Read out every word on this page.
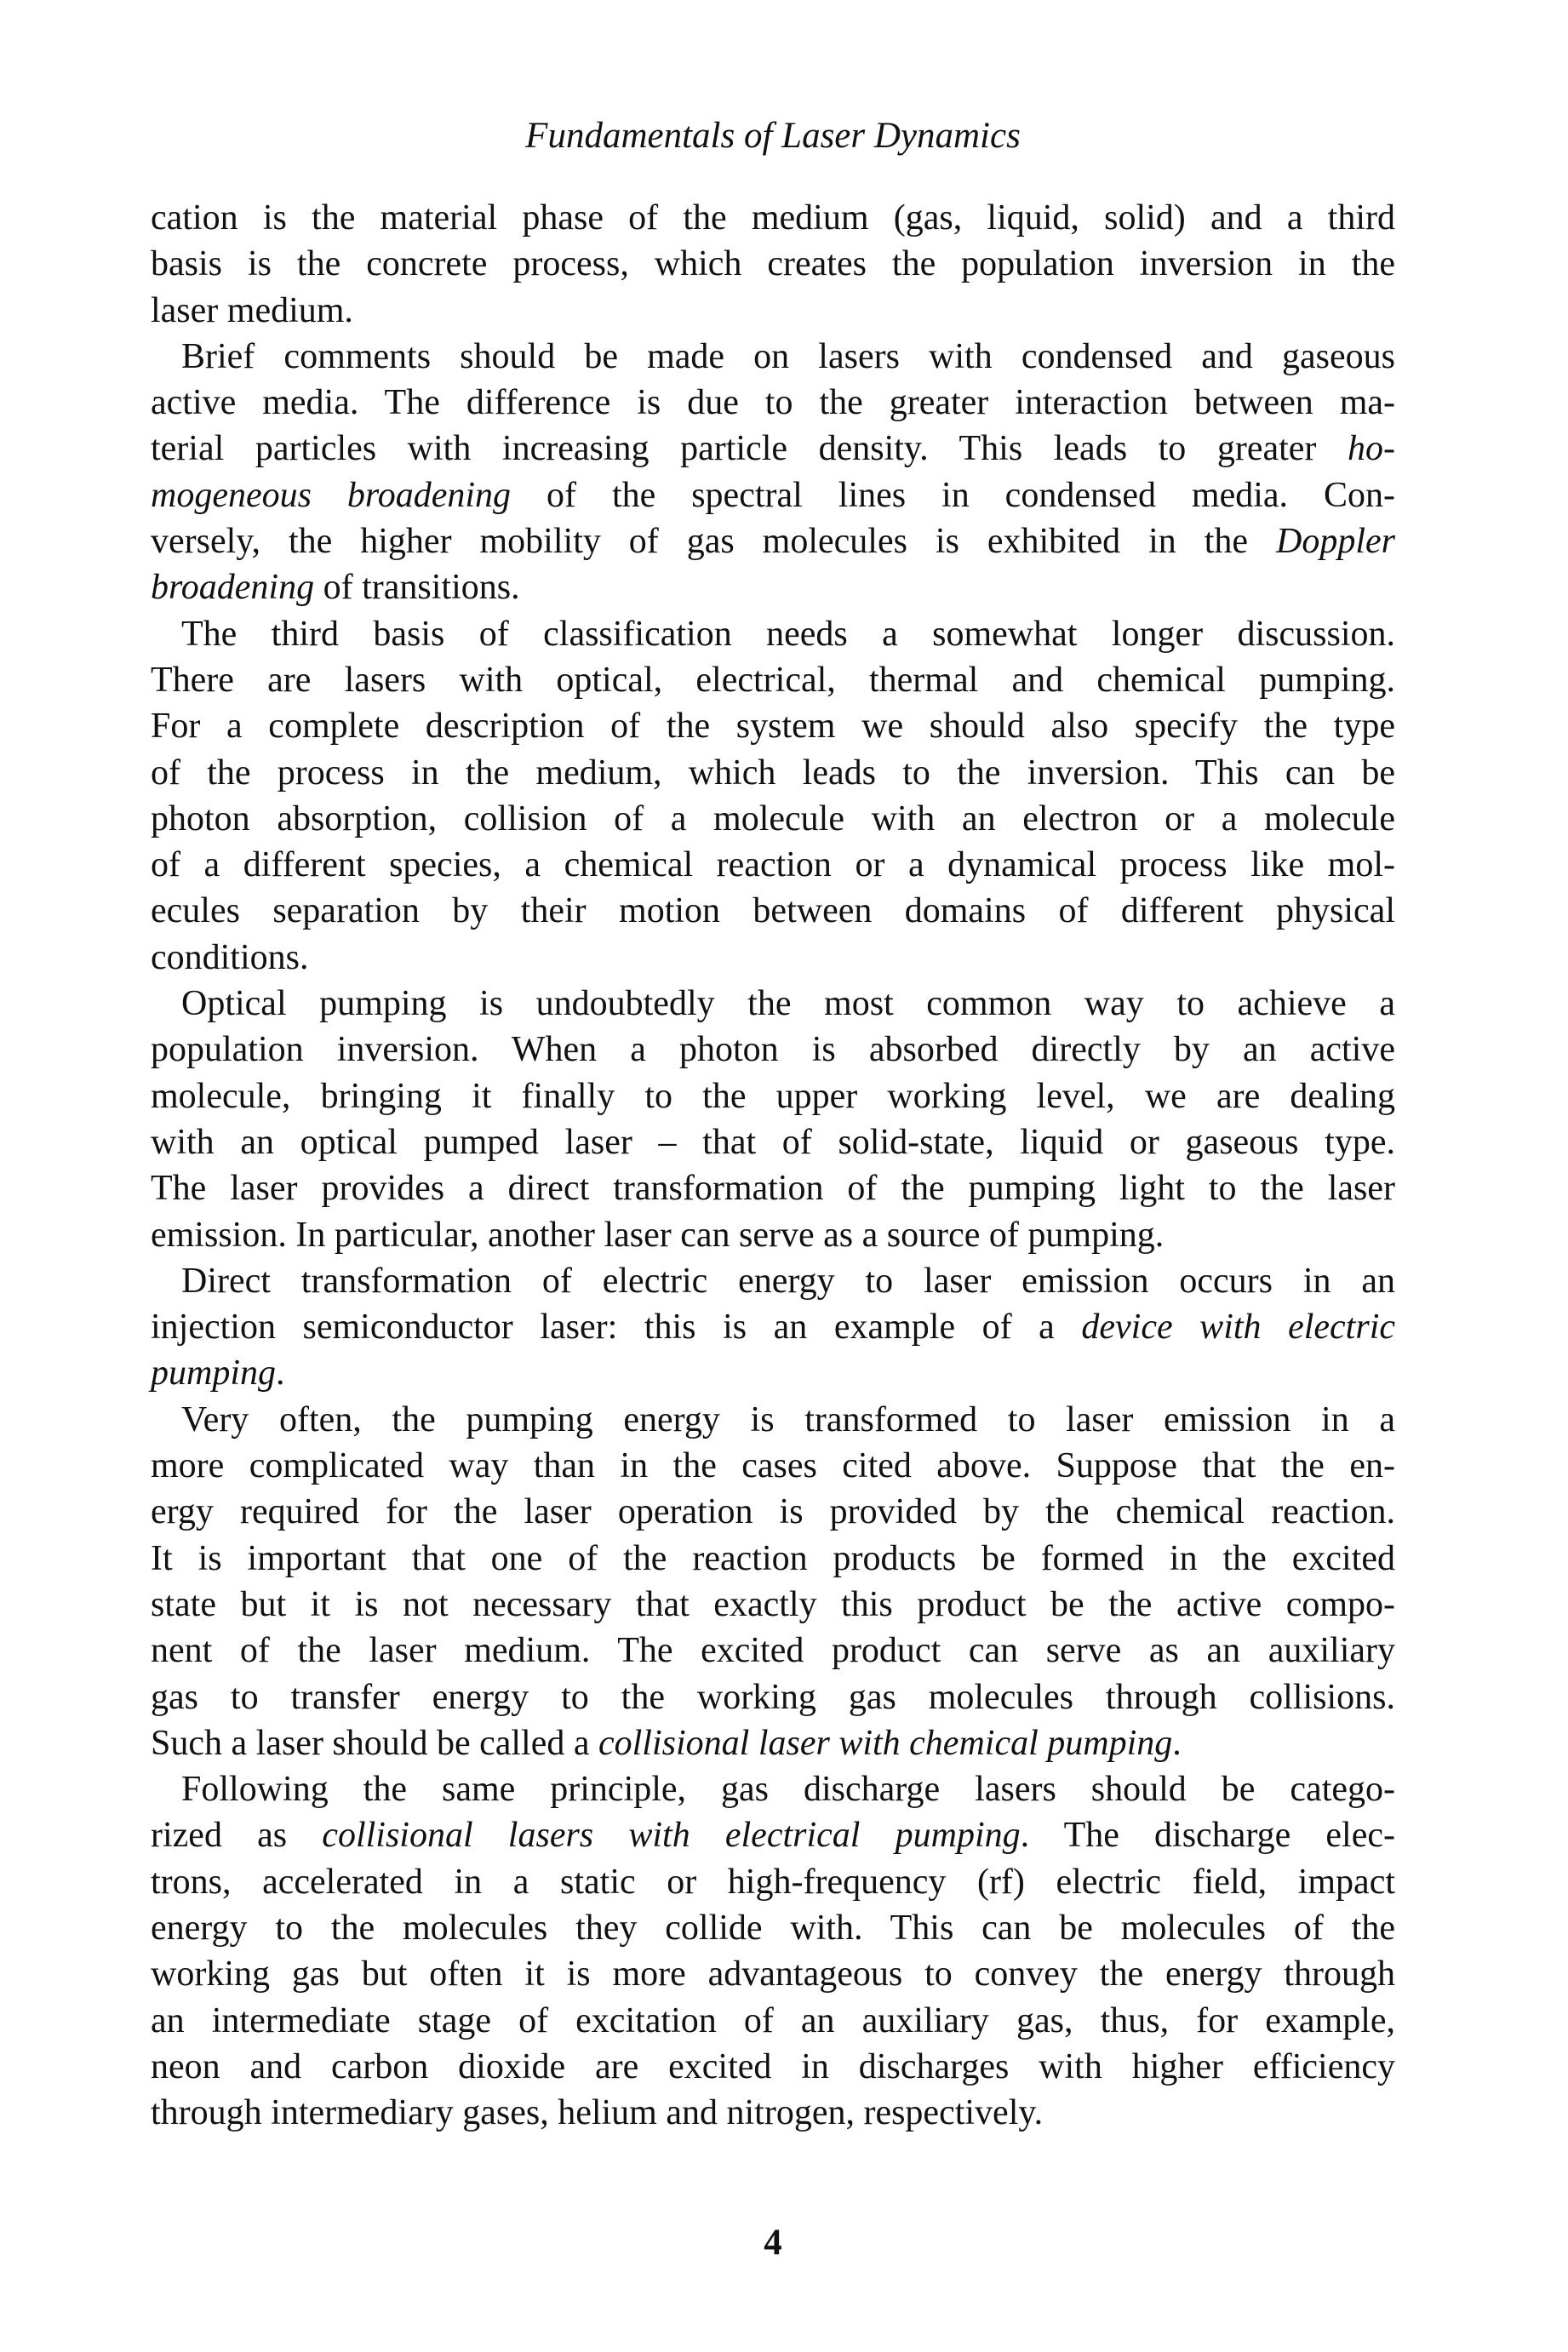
Fundamentals of Laser Dynamics
cation is the material phase of the medium (gas, liquid, solid) and a third
basis is the concrete process, which creates the population inversion in the
laser medium.
Brief comments should be made on lasers with condensed and gaseous
active media. The difference is due to the greater interaction between ma-
terial particles with increasing particle density. This leads to greater ho-
mogeneous broadening of the spectral lines in condensed media. Con-
versely, the higher mobility of gas molecules is exhibited in the Doppler
broadening of transitions.
The third basis of classification needs a somewhat longer discussion.
There are lasers with optical, electrical, thermal and chemical pumping.
For a complete description of the system we should also specify the type
of the process in the medium, which leads to the inversion. This can be
photon absorption, collision of a molecule with an electron or a molecule
of a different species, a chemical reaction or a dynamical process like mol-
ecules separation by their motion between domains of different physical
conditions.
Optical pumping is undoubtedly the most common way to achieve a
population inversion. When a photon is absorbed directly by an active
molecule, bringing it finally to the upper working level, we are dealing
with an optical pumped laser – that of solid-state, liquid or gaseous type.
The laser provides a direct transformation of the pumping light to the laser
emission. In particular, another laser can serve as a source of pumping.
Direct transformation of electric energy to laser emission occurs in an
injection semiconductor laser: this is an example of a device with electric
pumping.
Very often, the pumping energy is transformed to laser emission in a
more complicated way than in the cases cited above. Suppose that the en-
ergy required for the laser operation is provided by the chemical reaction.
It is important that one of the reaction products be formed in the excited
state but it is not necessary that exactly this product be the active compo-
nent of the laser medium. The excited product can serve as an auxiliary
gas to transfer energy to the working gas molecules through collisions.
Such a laser should be called a collisional laser with chemical pumping.
Following the same principle, gas discharge lasers should be catego-
rized as collisional lasers with electrical pumping. The discharge elec-
trons, accelerated in a static or high-frequency (rf) electric field, impact
energy to the molecules they collide with. This can be molecules of the
working gas but often it is more advantageous to convey the energy through
an intermediate stage of excitation of an auxiliary gas, thus, for example,
neon and carbon dioxide are excited in discharges with higher efficiency
through intermediary gases, helium and nitrogen, respectively.
4
